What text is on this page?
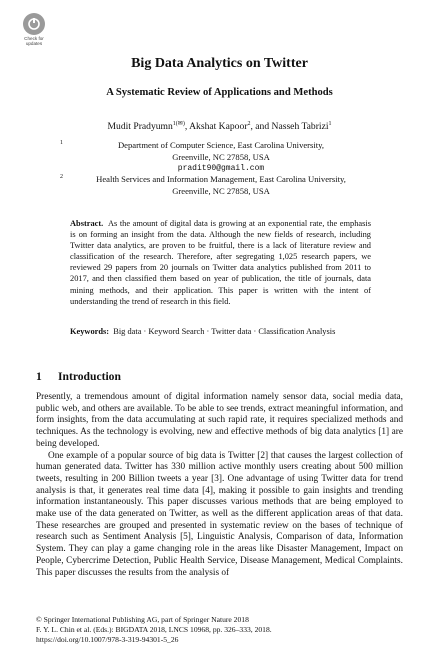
Check for
updates
Big Data Analytics on Twitter
A Systematic Review of Applications and Methods
Mudit Pradyumn$^{1(✉)}$, Akshat Kapoor$^2$, and Nasseh Tabrizi$^1$
1	Department of Computer Science, East Carolina University,
Greenville, NC 27858, USA
pradit90@gmail.com
2	Health Services and Information Management, East Carolina University,
Greenville, NC 27858, USA

Abstract. As the amount of digital data is growing at an exponential rate, the emphasis is on forming an insight from the data. Although the new fields of research, including Twitter data analytics, are proven to be fruitful, there is a lack of literature review and classification of the research. Therefore, after segregating 1,025 research papers, we reviewed 29 papers from 20 journals on Twitter data analytics published from 2011 to 2017, and then classified them based on year of publication, the title of journals, data mining methods, and their application. This paper is written with the intent of understanding the trend of research in this field.

Keywords: Big data · Keyword Search · Twitter data · Classification Analysis
1 Introduction

Presently, a tremendous amount of digital information namely sensor data, social media data, public web, and others are available. To be able to see trends, extract meaningful information, and form insights, from the data accumulating at such rapid rate, it requires specialized methods and techniques. As the technology is evolving, new and effective methods of big data analytics [1] are being developed.

One example of a popular source of big data is Twitter [2] that causes the largest collection of human generated data. Twitter has 330 million active monthly users creating about 500 million tweets, resulting in 200 Billion tweets a year [3]. One advantage of using Twitter data for trend analysis is that, it generates real time data [4], making it possible to gain insights and trending information instantaneously. This paper discusses various methods that are being employed to make use of the data generated on Twitter, as well as the different application areas of that data. These researches are grouped and presented in systematic review on the bases of technique of research such as Sentiment Analysis [5], Linguistic Analysis, Comparison of data, Information System. They can play a game changing role in the areas like Disaster Management, Impact on People, Cybercrime Detection, Public Health Service, Disease Management, Medical Complaints. This paper discusses the results from the analysis of

© Springer International Publishing AG, part of Springer Nature 2018
F. Y. L. Chin et al. (Eds.): BIGDATA 2018, LNCS 10968, pp. 326–333, 2018.
https://doi.org/10.1007/978-3-319-94301-5_26
